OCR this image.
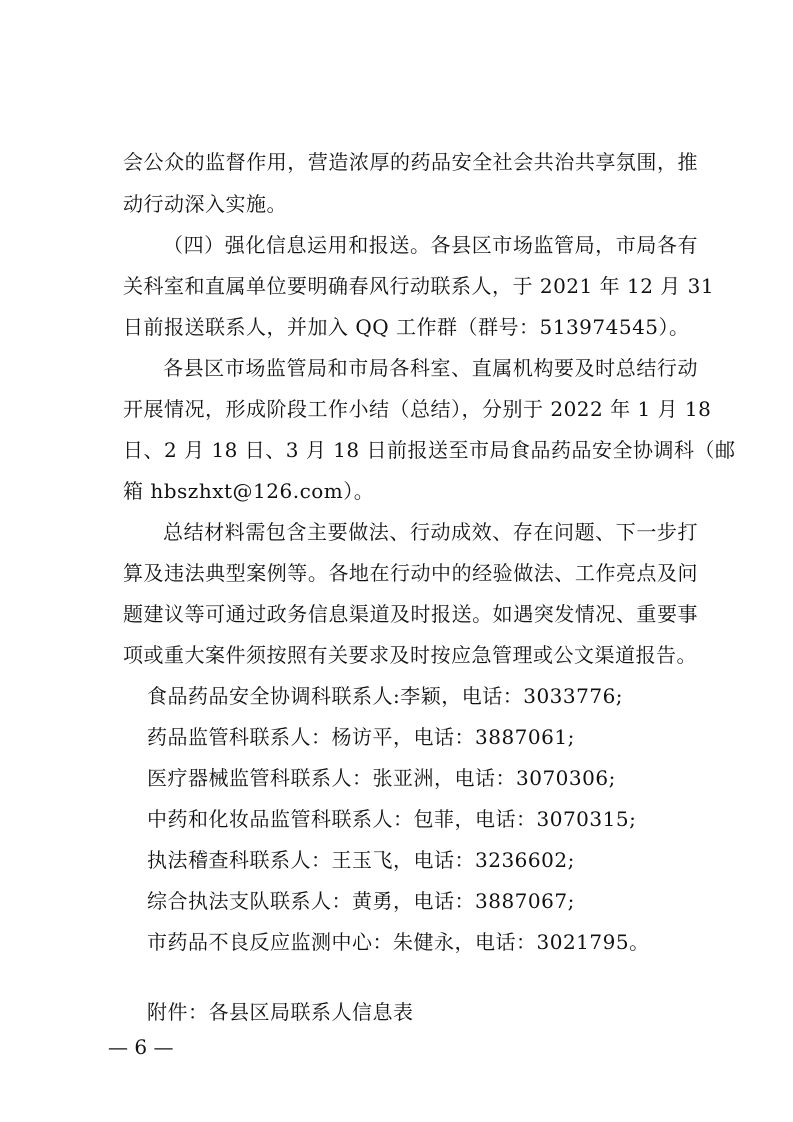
会公众的监督作用，营造浓厚的药品安全社会共治共享氛围，推
动行动深入实施。
（四）强化信息运用和报送。各县区市场监管局，市局各有
关科室和直属单位要明确春风行动联系人，于 2021 年 12 月 31
日前报送联系人，并加入 QQ 工作群（群号：513974545）。
各县区市场监管局和市局各科室、直属机构要及时总结行动
开展情况，形成阶段工作小结（总结），分别于 2022 年 1 月 18
日、2 月 18 日、3 月 18 日前报送至市局食品药品安全协调科（邮
箱 hbszhxt@126.com）。
总结材料需包含主要做法、行动成效、存在问题、下一步打
算及违法典型案例等。各地在行动中的经验做法、工作亮点及问
题建议等可通过政务信息渠道及时报送。如遇突发情况、重要事
项或重大案件须按照有关要求及时按应急管理或公文渠道报告。
食品药品安全协调科联系人:李颖，电话：3033776;
药品监管科联系人：杨访平，电话：3887061;
医疗器械监管科联系人：张亚洲，电话：3070306;
中药和化妆品监管科联系人：包菲，电话：3070315;
执法稽查科联系人：王玉飞，电话：3236602;
综合执法支队联系人：黄勇，电话：3887067;
市药品不良反应监测中心：朱健永，电话：3021795。
附件：各县区局联系人信息表
— 6 —
